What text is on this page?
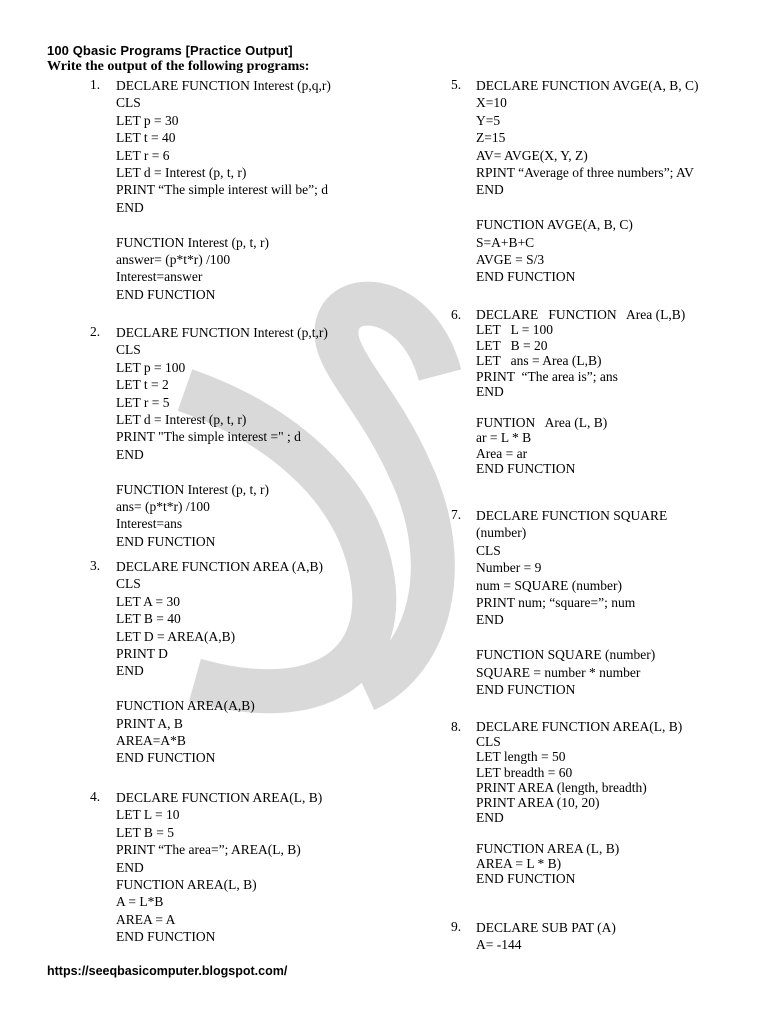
100 Qbasic Programs [Practice Output]
Write the output of the following programs:
1. DECLARE FUNCTION Interest (p,q,r)
CLS
LET p = 30
LET t = 40
LET r = 6
LET d = Interest (p, t, r)
PRINT “The simple interest will be”; d
END
FUNCTION Interest (p, t, r)
answer= (p*t*r) /100
Interest=answer
END FUNCTION
2. DECLARE FUNCTION Interest (p,t,r)
CLS
LET p = 100
LET t = 2
LET r = 5
LET d = Interest (p, t, r)
PRINT "The simple interest =" ; d
END
FUNCTION Interest (p, t, r)
ans= (p*t*r) /100
Interest=ans
END FUNCTION
3. DECLARE FUNCTION AREA (A,B)
CLS
LET A = 30
LET B = 40
LET D = AREA(A,B)
PRINT D
END
FUNCTION AREA(A,B)
PRINT A, B
AREA=A*B
END FUNCTION
4. DECLARE FUNCTION AREA(L, B)
LET L = 10
LET B = 5
PRINT “The area=”; AREA(L, B)
END
FUNCTION AREA(L, B)
A = L*B
AREA = A
END FUNCTION
5. DECLARE FUNCTION AVGE(A, B, C)
X=10
Y=5
Z=15
AV= AVGE(X, Y, Z)
RPINT “Average of three numbers”; AV
END
FUNCTION AVGE(A, B, C)
S=A+B+C
AVGE = S/3
END FUNCTION
6. DECLARE   FUNCTION   Area (L,B)
LET   L = 100
LET   B = 20
LET   ans = Area (L,B)
PRINT  “The area is”; ans
END
FUNTION   Area (L, B)
ar = L * B
Area = ar
END FUNCTION
7. DECLARE FUNCTION SQUARE
(number)
CLS
Number = 9
num = SQUARE (number)
PRINT num; “square=”; num
END
FUNCTION SQUARE (number)
SQUARE = number * number
END FUNCTION
8. DECLARE FUNCTION AREA(L, B)
CLS
LET length = 50
LET breadth = 60
PRINT AREA (length, breadth)
PRINT AREA (10, 20)
END
FUNCTION AREA (L, B)
AREA = L * B)
END FUNCTION
9. DECLARE SUB PAT (A)
A= -144
https://seeqbasicomputer.blogspot.com/
